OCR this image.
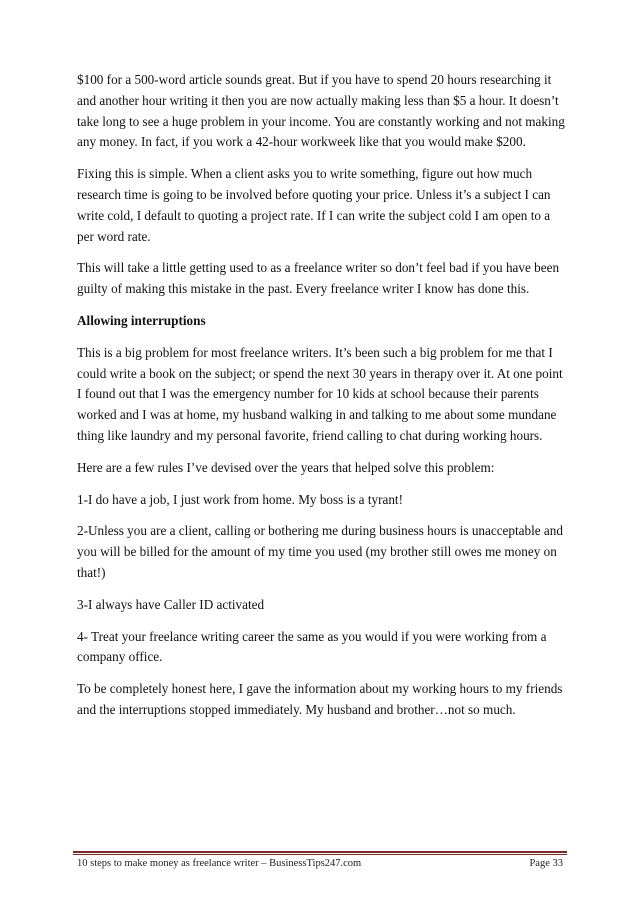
$100 for a 500-word article sounds great. But if you have to spend 20 hours researching it and another hour writing it then you are now actually making less than $5 a hour. It doesn’t take long to see a huge problem in your income. You are constantly working and not making any money. In fact, if you work a 42-hour workweek like that you would make $200.

Fixing this is simple. When a client asks you to write something, figure out how much research time is going to be involved before quoting your price. Unless it’s a subject I can write cold, I default to quoting a project rate. If I can write the subject cold I am open to a per word rate.

This will take a little getting used to as a freelance writer so don’t feel bad if you have been guilty of making this mistake in the past. Every freelance writer I know has done this.

Allowing interruptions

This is a big problem for most freelance writers. It’s been such a big problem for me that I could write a book on the subject; or spend the next 30 years in therapy over it. At one point I found out that I was the emergency number for 10 kids at school because their parents worked and I was at home, my husband walking in and talking to me about some mundane thing like laundry and my personal favorite, friend calling to chat during working hours.

Here are a few rules I’ve devised over the years that helped solve this problem:

1-I do have a job, I just work from home. My boss is a tyrant!

2-Unless you are a client, calling or bothering me during business hours is unacceptable and you will be billed for the amount of my time you used (my brother still owes me money on that!)

3-I always have Caller ID activated

4- Treat your freelance writing career the same as you would if you were working from a company office.

To be completely honest here, I gave the information about my working hours to my friends and the interruptions stopped immediately. My husband and brother…not so much.

10 steps to make money as freelance writer – BusinessTips247.com	Page 33
